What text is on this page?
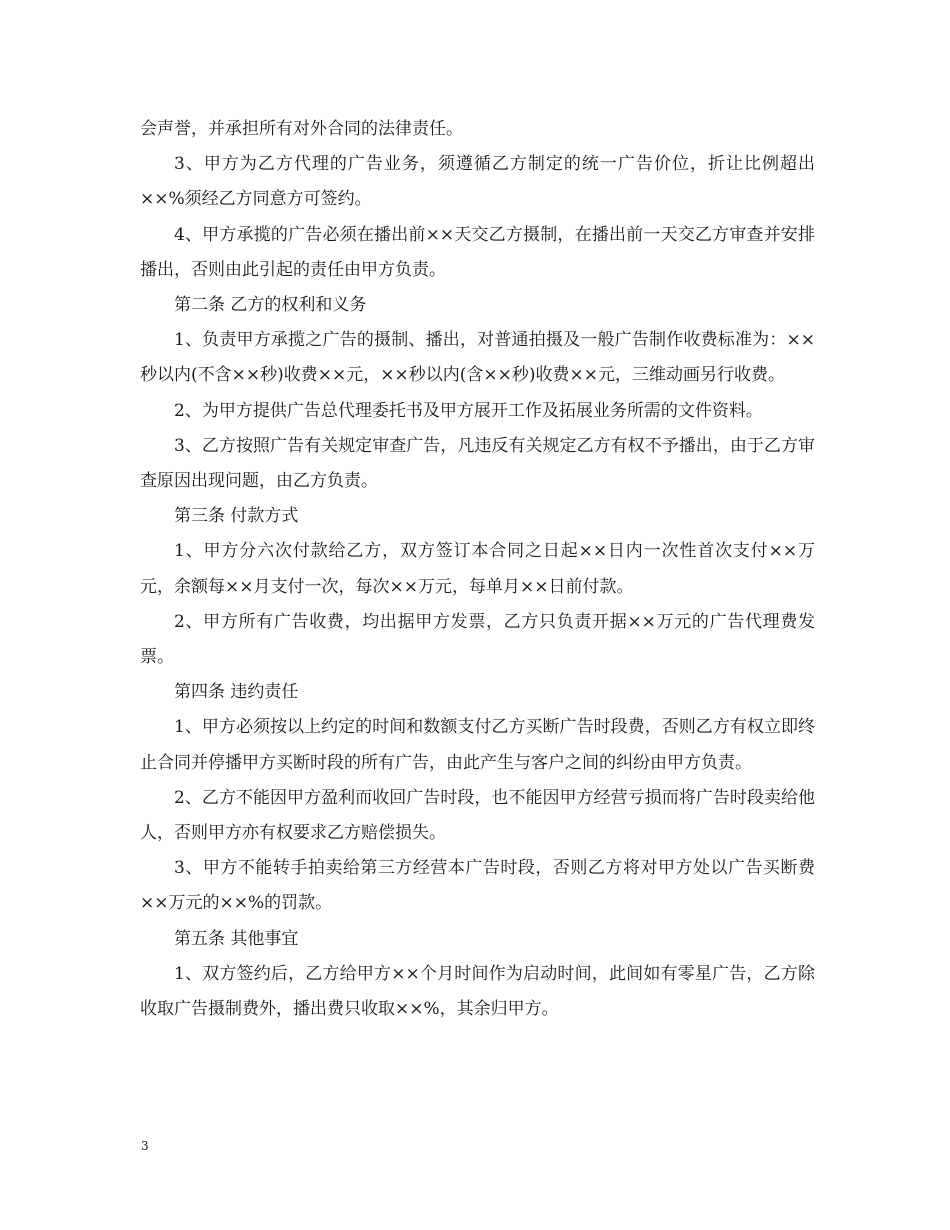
会声誉，并承担所有对外合同的法律责任。

3、甲方为乙方代理的广告业务，须遵循乙方制定的统一广告价位，折让比例超出××%须经乙方同意方可签约。

4、甲方承揽的广告必须在播出前××天交乙方摄制，在播出前一天交乙方审查并安排播出，否则由此引起的责任由甲方负责。

第二条 乙方的权利和义务

1、负责甲方承揽之广告的摄制、播出，对普通拍摄及一般广告制作收费标准为：××秒以内(不含××秒)收费××元，××秒以内(含××秒)收费××元，三维动画另行收费。

2、为甲方提供广告总代理委托书及甲方展开工作及拓展业务所需的文件资料。

3、乙方按照广告有关规定审查广告，凡违反有关规定乙方有权不予播出，由于乙方审查原因出现问题，由乙方负责。

第三条 付款方式

1、甲方分六次付款给乙方，双方签订本合同之日起××日内一次性首次支付××万元，余额每××月支付一次，每次××万元，每单月××日前付款。

2、甲方所有广告收费，均出据甲方发票，乙方只负责开据××万元的广告代理费发票。

第四条 违约责任

1、甲方必须按以上约定的时间和数额支付乙方买断广告时段费，否则乙方有权立即终止合同并停播甲方买断时段的所有广告，由此产生与客户之间的纠纷由甲方负责。

2、乙方不能因甲方盈利而收回广告时段，也不能因甲方经营亏损而将广告时段卖给他人，否则甲方亦有权要求乙方赔偿损失。

3、甲方不能转手拍卖给第三方经营本广告时段，否则乙方将对甲方处以广告买断费××万元的××%的罚款。

第五条 其他事宜

1、双方签约后，乙方给甲方××个月时间作为启动时间，此间如有零星广告，乙方除收取广告摄制费外，播出费只收取××%，其余归甲方。

3
